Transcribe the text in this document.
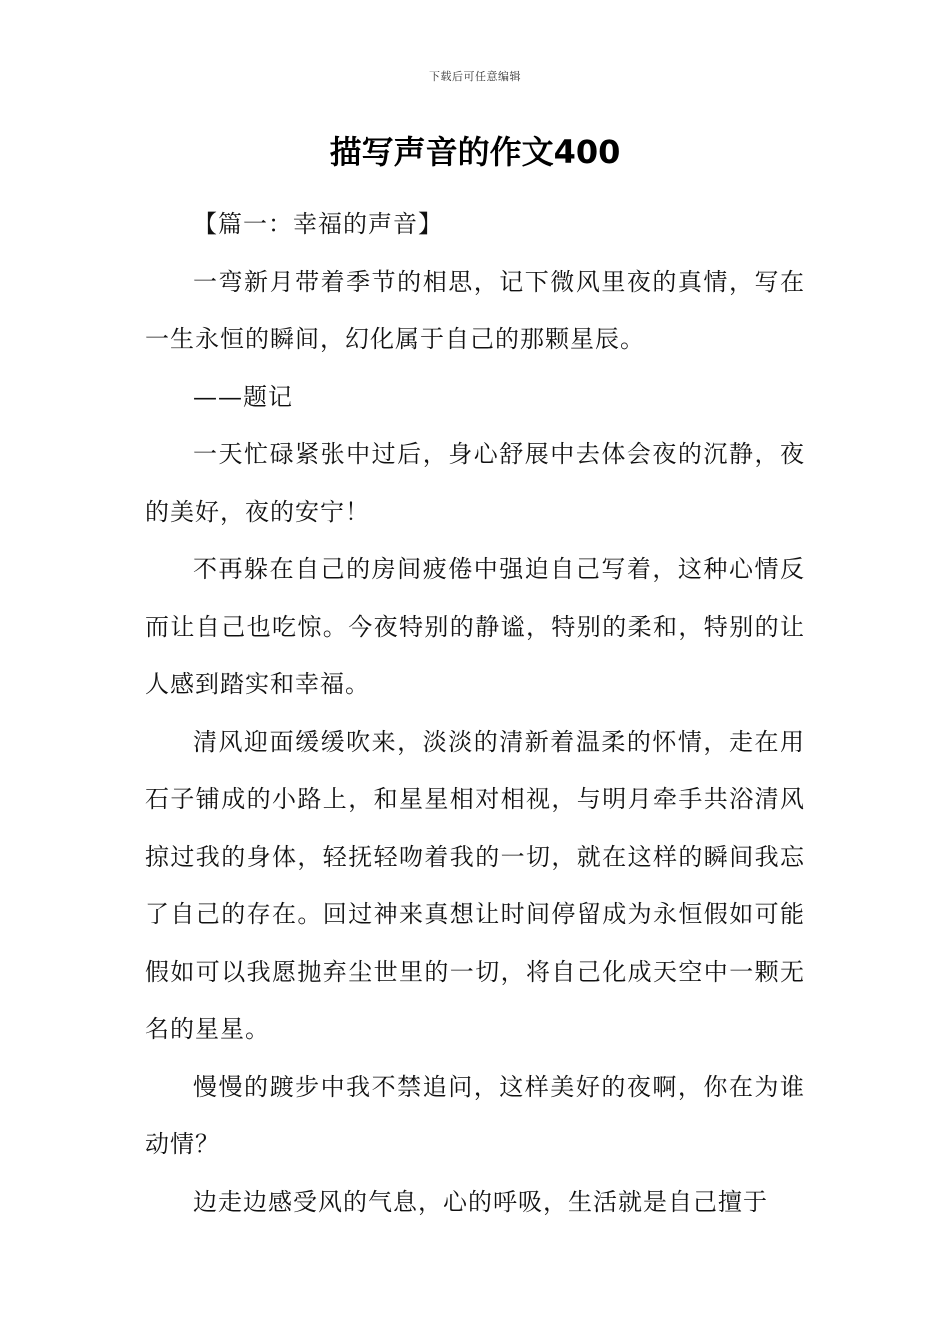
下载后可任意编辑
描写声音的作文400

【篇一：幸福的声音】

一弯新月带着季节的相思，记下微风里夜的真情，写在一生永恒的瞬间，幻化属于自己的那颗星辰。

——题记

一天忙碌紧张中过后，身心舒展中去体会夜的沉静，夜的美好，夜的安宁！

不再躲在自己的房间疲倦中强迫自己写着，这种心情反而让自己也吃惊。今夜特别的静谧，特别的柔和，特别的让人感到踏实和幸福。

清风迎面缓缓吹来，淡淡的清新着温柔的怀情，走在用石子铺成的小路上，和星星相对相视，与明月牵手共浴清风掠过我的身体，轻抚轻吻着我的一切，就在这样的瞬间我忘了自己的存在。回过神来真想让时间停留成为永恒假如可能假如可以我愿抛弃尘世里的一切，将自己化成天空中一颗无名的星星。

慢慢的踱步中我不禁追问，这样美好的夜啊，你在为谁动情？

边走边感受风的气息，心的呼吸，生活就是自己擅于
